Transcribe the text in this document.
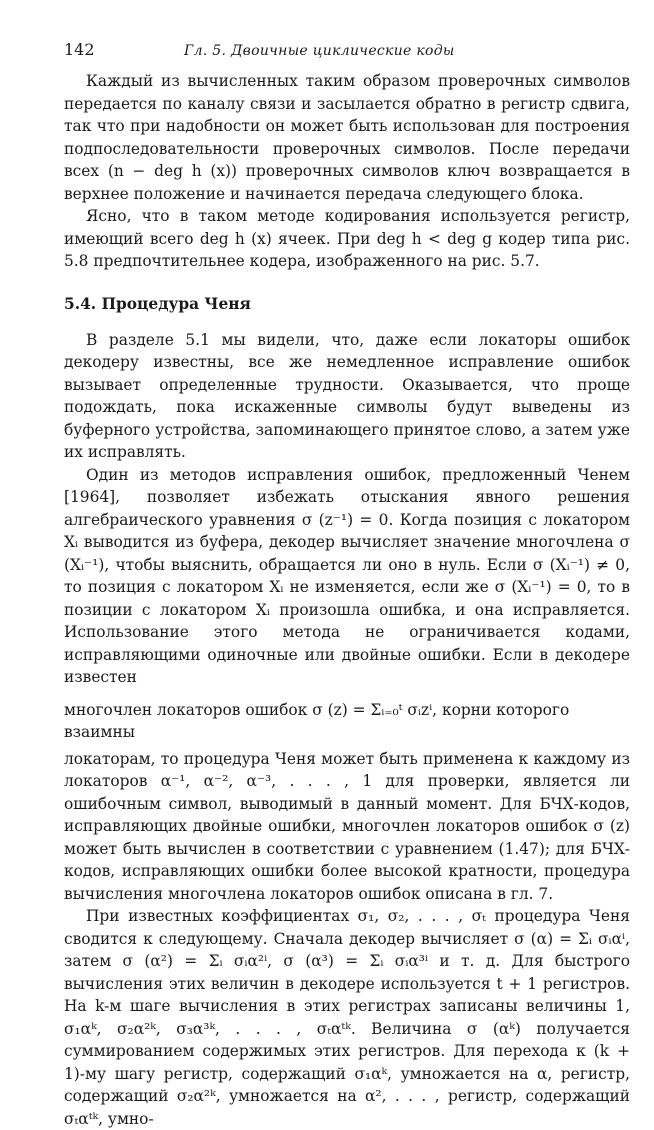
142	Гл. 5. Двоичные циклические коды

Каждый из вычисленных таким образом проверочных символов передается по каналу связи и засылается обратно в регистр сдвига, так что при надобности он может быть использован для построения подпоследовательности проверочных символов. После передачи всех (n − deg h (x)) проверочных символов ключ возвращается в верхнее положение и начинается передача следующего блока.

Ясно, что в таком методе кодирования используется регистр, имеющий всего deg h (x) ячеек. При deg h < deg g кодер типа рис. 5.8 предпочтительнее кодера, изображенного на рис. 5.7.

5.4. Процедура Ченя

В разделе 5.1 мы видели, что, даже если локаторы ошибок декодеру известны, все же немедленное исправление ошибок вызывает определенные трудности. Оказывается, что проще подождать, пока искаженные символы будут выведены из буферного устройства, запоминающего принятое слово, а затем уже их исправлять.

Один из методов исправления ошибок, предложенный Ченем [1964], позволяет избежать отыскания явного решения алгебраического уравнения σ (z⁻¹) = 0. Когда позиция с локатором Xᵢ выводится из буфера, декодер вычисляет значение многочлена σ (Xᵢ⁻¹), чтобы выяснить, обращается ли оно в нуль. Если σ (Xᵢ⁻¹) ≠ 0, то позиция с локатором Xᵢ не изменяется, если же σ (Xᵢ⁻¹) = 0, то в позиции с локатором Xᵢ произошла ошибка, и она исправляется. Использование этого метода не ограничивается кодами, исправляющими одиночные или двойные ошибки. Если в декодере известен

многочлен локаторов ошибок σ (z) = Σᵢ₌₀ᵗ σᵢzⁱ, корни которого взаимны

локаторам, то процедура Ченя может быть применена к каждому из локаторов α⁻¹, α⁻², α⁻³, . . . , 1 для проверки, является ли ошибочным символ, выводимый в данный момент. Для БЧХ-кодов, исправляющих двойные ошибки, многочлен локаторов ошибок σ (z) может быть вычислен в соответствии с уравнением (1.47); для БЧХ-кодов, исправляющих ошибки более высокой кратности, процедура вычисления многочлена локаторов ошибок описана в гл. 7.

При известных коэффициентах σ₁, σ₂, . . . , σₜ процедура Ченя сводится к следующему. Сначала декодер вычисляет σ (α) = Σᵢ σᵢαⁱ, затем σ (α²) = Σᵢ σᵢα²ⁱ, σ (α³) = Σᵢ σᵢα³ⁱ и т. д. Для быстрого вычисления этих величин в декодере используется t + 1 регистров. На k-м шаге вычисления в этих регистрах записаны величины 1, σ₁αᵏ, σ₂α²ᵏ, σ₃α³ᵏ, . . . , σₜαᵗᵏ. Величина σ (αᵏ) получается суммированием содержимых этих регистров. Для перехода к (k + 1)-му шагу регистр, содержащий σ₁αᵏ, умножается на α, регистр, содержащий σ₂α²ᵏ, умножается на α², . . . , регистр, содержащий σₜαᵗᵏ, умно-
